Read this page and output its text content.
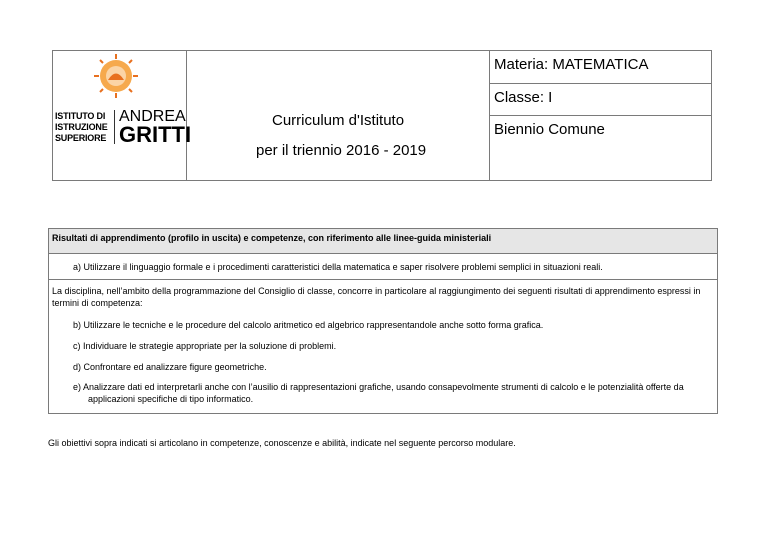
Materia: MATEMATICA
Classe: I
Biennio Comune
Curriculum d'Istituto
per il triennio 2016 - 2019
ISTITUTO DI
ISTRUZIONE
SUPERIORE
ANDREA
GRITTI
Risultati di apprendimento (profilo in uscita) e competenze, con riferimento alle linee-guida ministeriali
a) Utilizzare il linguaggio formale e i procedimenti caratteristici della matematica e saper risolvere problemi semplici in situazioni reali.
La disciplina, nell’ambito della programmazione del Consiglio di classe, concorre in particolare al raggiungimento dei seguenti risultati di apprendimento espressi in termini di competenza:
b) Utilizzare le tecniche e le procedure del calcolo aritmetico ed algebrico rappresentandole anche sotto forma grafica.
c) Individuare le strategie appropriate per la soluzione di problemi.
d) Confrontare ed analizzare figure geometriche.
e) Analizzare dati ed interpretarli anche con l’ausilio di rappresentazioni grafiche, usando consapevolmente strumenti di calcolo e le potenzialità offerte da
applicazioni specifiche di tipo informatico.
Gli obiettivi sopra indicati si articolano in competenze, conoscenze e abilità, indicate nel seguente percorso modulare.
